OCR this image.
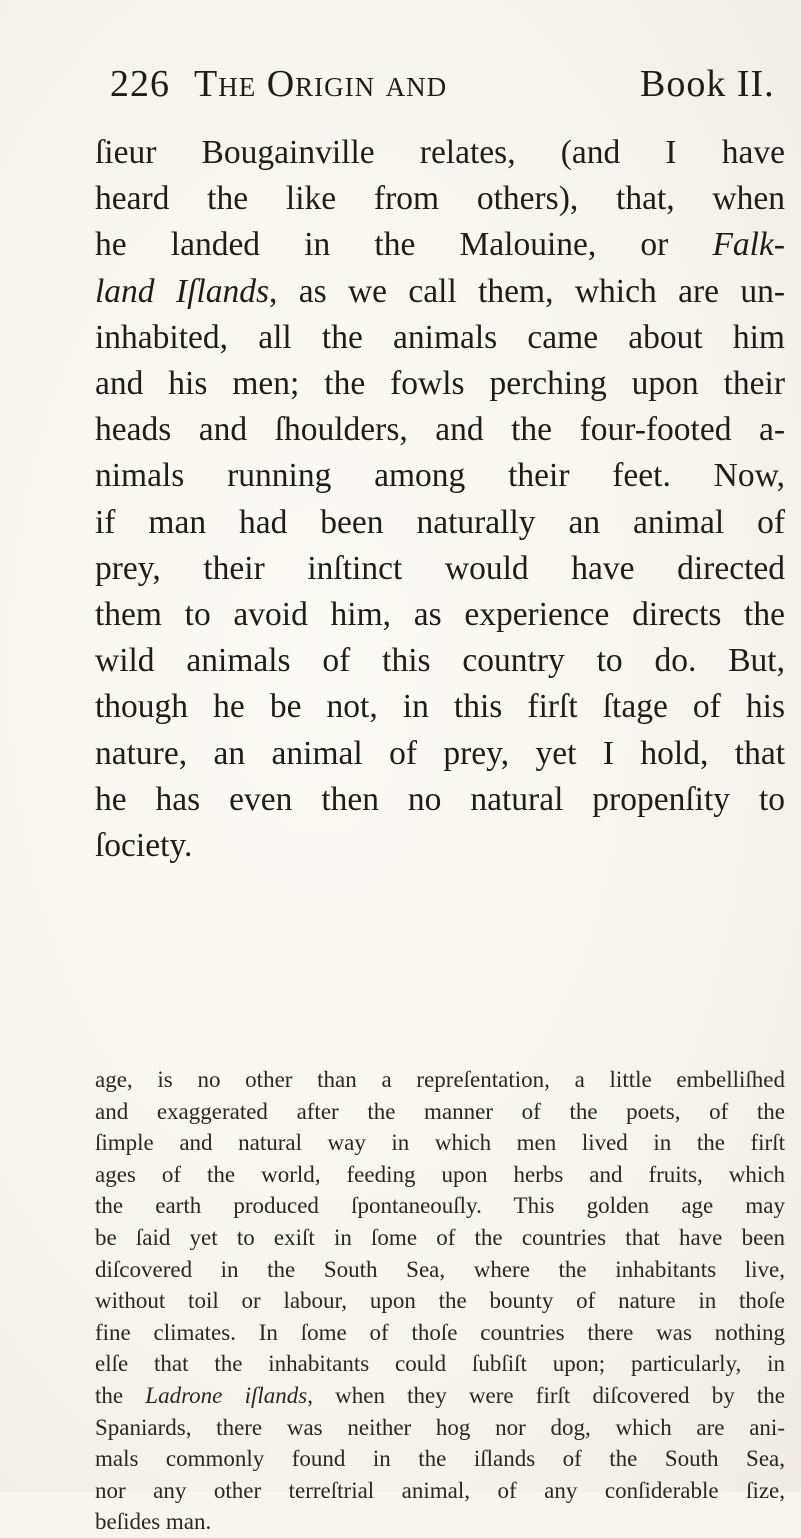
226 The Origin and	Book II.
ſieur Bougainville relates, (and I have
heard the like from others), that, when
he landed in the Malouine, or Falk-
land Iſlands, as we call them, which are un-
inhabited, all the animals came about him
and his men; the fowls perching upon their
heads and ſhoulders, and the four-footed a-
nimals running among their feet. Now,
if man had been naturally an animal of
prey, their inſtinct would have directed
them to avoid him, as experience directs the
wild animals of this country to do. But,
though he be not, in this firſt ſtage of his
nature, an animal of prey, yet I hold, that
he has even then no natural propenſity to
ſociety.
age, is no other than a repreſentation, a little embelliſhed
and exaggerated after the manner of the poets, of the
ſimple and natural way in which men lived in the firſt
ages of the world, feeding upon herbs and fruits, which
the earth produced ſpontaneouſly. This golden age may
be ſaid yet to exiſt in ſome of the countries that have been
diſcovered in the South Sea, where the inhabitants live,
without toil or labour, upon the bounty of nature in thoſe
fine climates. In ſome of thoſe countries there was nothing
elſe that the inhabitants could ſubſiſt upon; particularly, in
the Ladrone iſlands, when they were firſt diſcovered by the
Spaniards, there was neither hog nor dog, which are ani-
mals commonly found in the iſlands of the South Sea,
nor any other terreſtrial animal, of any conſiderable ſize,
beſides man.
